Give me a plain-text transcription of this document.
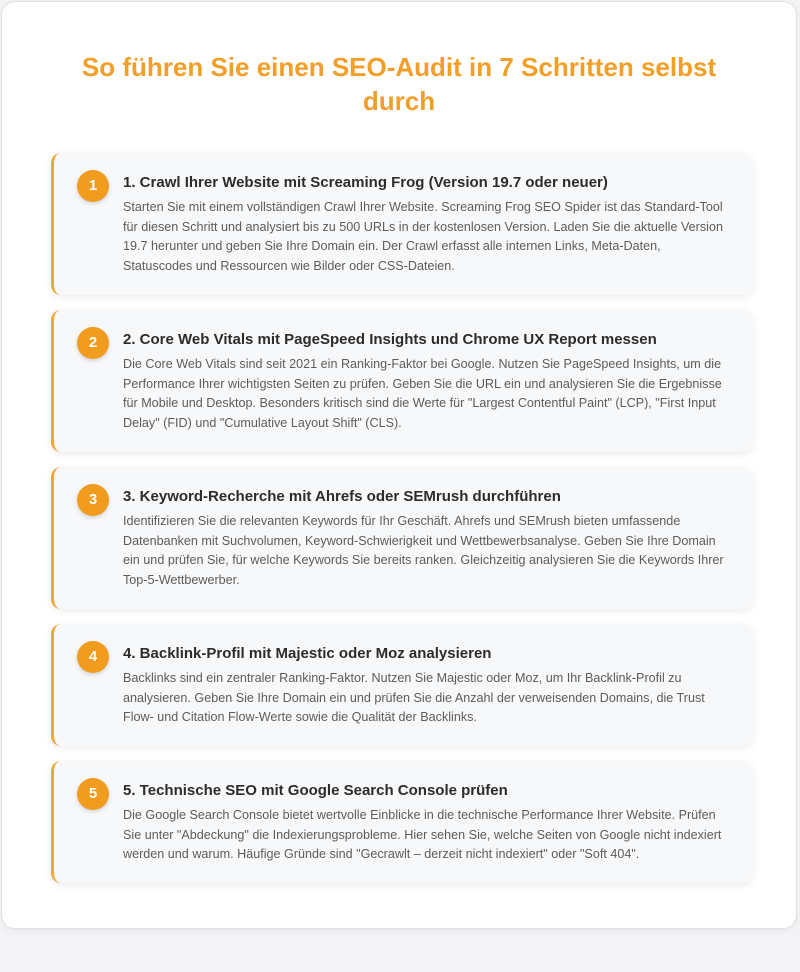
So führen Sie einen SEO-Audit in 7 Schritten selbst durch
1	1. Crawl Ihrer Website mit Screaming Frog (Version 19.7 oder neuer)

Starten Sie mit einem vollständigen Crawl Ihrer Website. Screaming Frog SEO Spider ist das Standard-Tool für diesen Schritt und analysiert bis zu 500 URLs in der kostenlosen Version. Laden Sie die aktuelle Version 19.7 herunter und geben Sie Ihre Domain ein. Der Crawl erfasst alle internen Links, Meta-Daten, Statuscodes und Ressourcen wie Bilder oder CSS-Dateien.

2	2. Core Web Vitals mit PageSpeed Insights und Chrome UX Report messen

Die Core Web Vitals sind seit 2021 ein Ranking-Faktor bei Google. Nutzen Sie PageSpeed Insights, um die Performance Ihrer wichtigsten Seiten zu prüfen. Geben Sie die URL ein und analysieren Sie die Ergebnisse für Mobile und Desktop. Besonders kritisch sind die Werte für "Largest Contentful Paint" (LCP), "First Input Delay" (FID) und "Cumulative Layout Shift" (CLS).

3	3. Keyword-Recherche mit Ahrefs oder SEMrush durchführen

Identifizieren Sie die relevanten Keywords für Ihr Geschäft. Ahrefs und SEMrush bieten umfassende Datenbanken mit Suchvolumen, Keyword-Schwierigkeit und Wettbewerbsanalyse. Geben Sie Ihre Domain ein und prüfen Sie, für welche Keywords Sie bereits ranken. Gleichzeitig analysieren Sie die Keywords Ihrer Top-5-Wettbewerber.

4	4. Backlink-Profil mit Majestic oder Moz analysieren

Backlinks sind ein zentraler Ranking-Faktor. Nutzen Sie Majestic oder Moz, um Ihr Backlink-Profil zu analysieren. Geben Sie Ihre Domain ein und prüfen Sie die Anzahl der verweisenden Domains, die Trust Flow- und Citation Flow-Werte sowie die Qualität der Backlinks.

5	5. Technische SEO mit Google Search Console prüfen

Die Google Search Console bietet wertvolle Einblicke in die technische Performance Ihrer Website. Prüfen Sie unter "Abdeckung" die Indexierungsprobleme. Hier sehen Sie, welche Seiten von Google nicht indexiert werden und warum. Häufige Gründe sind "Gecrawlt – derzeit nicht indexiert" oder "Soft 404".
